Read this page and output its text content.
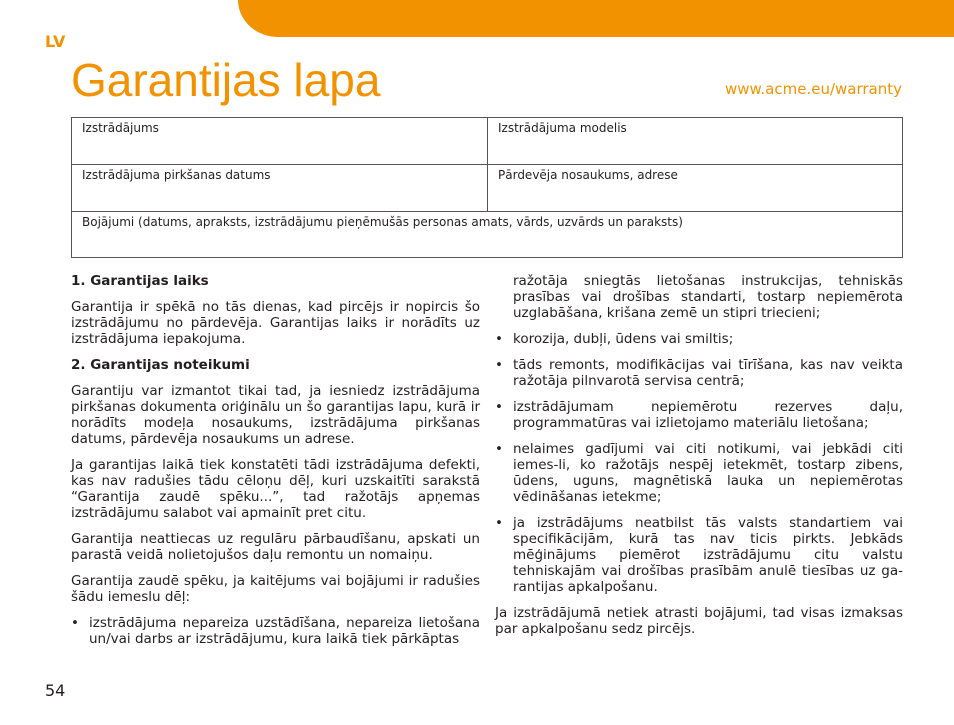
LV
Garantijas lapa	www.acme.eu/warranty
Izstrādājums	Izstrādājuma modelis
Izstrādājuma pirkšanas datums	Pārdevēja nosaukums, adrese
Bojājumi (datums, apraksts, izstrādājumu pieņēmušās personas amats, vārds, uzvārds un paraksts)
1. Garantijas laiks

Garantija ir spēkā no tās dienas, kad pircējs ir nopircis šo izstrādājumu no pārdevēja. Garantijas laiks ir norādīts uz izstrādājuma iepakojuma.

2. Garantijas noteikumi

Garantiju var izmantot tikai tad, ja iesniedz izstrādājuma pirkšanas dokumenta oriģinālu un šo garantijas lapu, kurā ir norādīts modeļa nosaukums, izstrādājuma pirkšanas datums, pārdevēja nosaukums un adrese.

Ja garantijas laikā tiek konstatēti tādi izstrādājuma defekti, kas nav radušies tādu cēloņu dēļ, kuri uzskaitīti sarakstā “Garantija zaudē spēku...”, tad ražotājs apņemas izstrādājumu salabot vai apmainīt pret citu.

Garantija neattiecas uz regulāru pārbaudīšanu, apskati un parastā veidā nolietojušos daļu remontu un nomaiņu.

Garantija zaudē spēku, ja kaitējums vai bojājumi ir radušies šādu iemeslu dēļ:

• izstrādājuma nepareiza uzstādīšana, nepareiza lietošana un/vai darbs ar izstrādājumu, kura laikā tiek pārkāptas
ražotāja sniegtās lietošanas instrukcijas, tehniskās prasības vai drošības standarti, tostarp nepiemērota uzglabāšana, krišana zemē un stipri triecieni;
• korozija, dubļi, ūdens vai smiltis;
• tāds remonts, modifikācijas vai tīrīšana, kas nav veikta ražotāja pilnvarotā servisa centrā;
• izstrādājumam nepiemērotu rezerves daļu, programmatūras vai izlietojamo materiālu lietošana;
• nelaimes gadījumi vai citi notikumi, vai jebkādi citi iemes-li, ko ražotājs nespēj ietekmēt, tostarp zibens, ūdens, uguns, magnētiskā lauka un nepiemērotas vēdināšanas ietekme;
• ja izstrādājums neatbilst tās valsts standartiem vai specifikācijām, kurā tas nav ticis pirkts. Jebkāds mēģinājums piemērot izstrādājumu citu valstu tehniskajām vai drošības prasībām anulē tiesības uz ga-rantijas apkalpošanu.

Ja izstrādājumā netiek atrasti bojājumi, tad visas izmaksas par apkalpošanu sedz pircējs.

54
